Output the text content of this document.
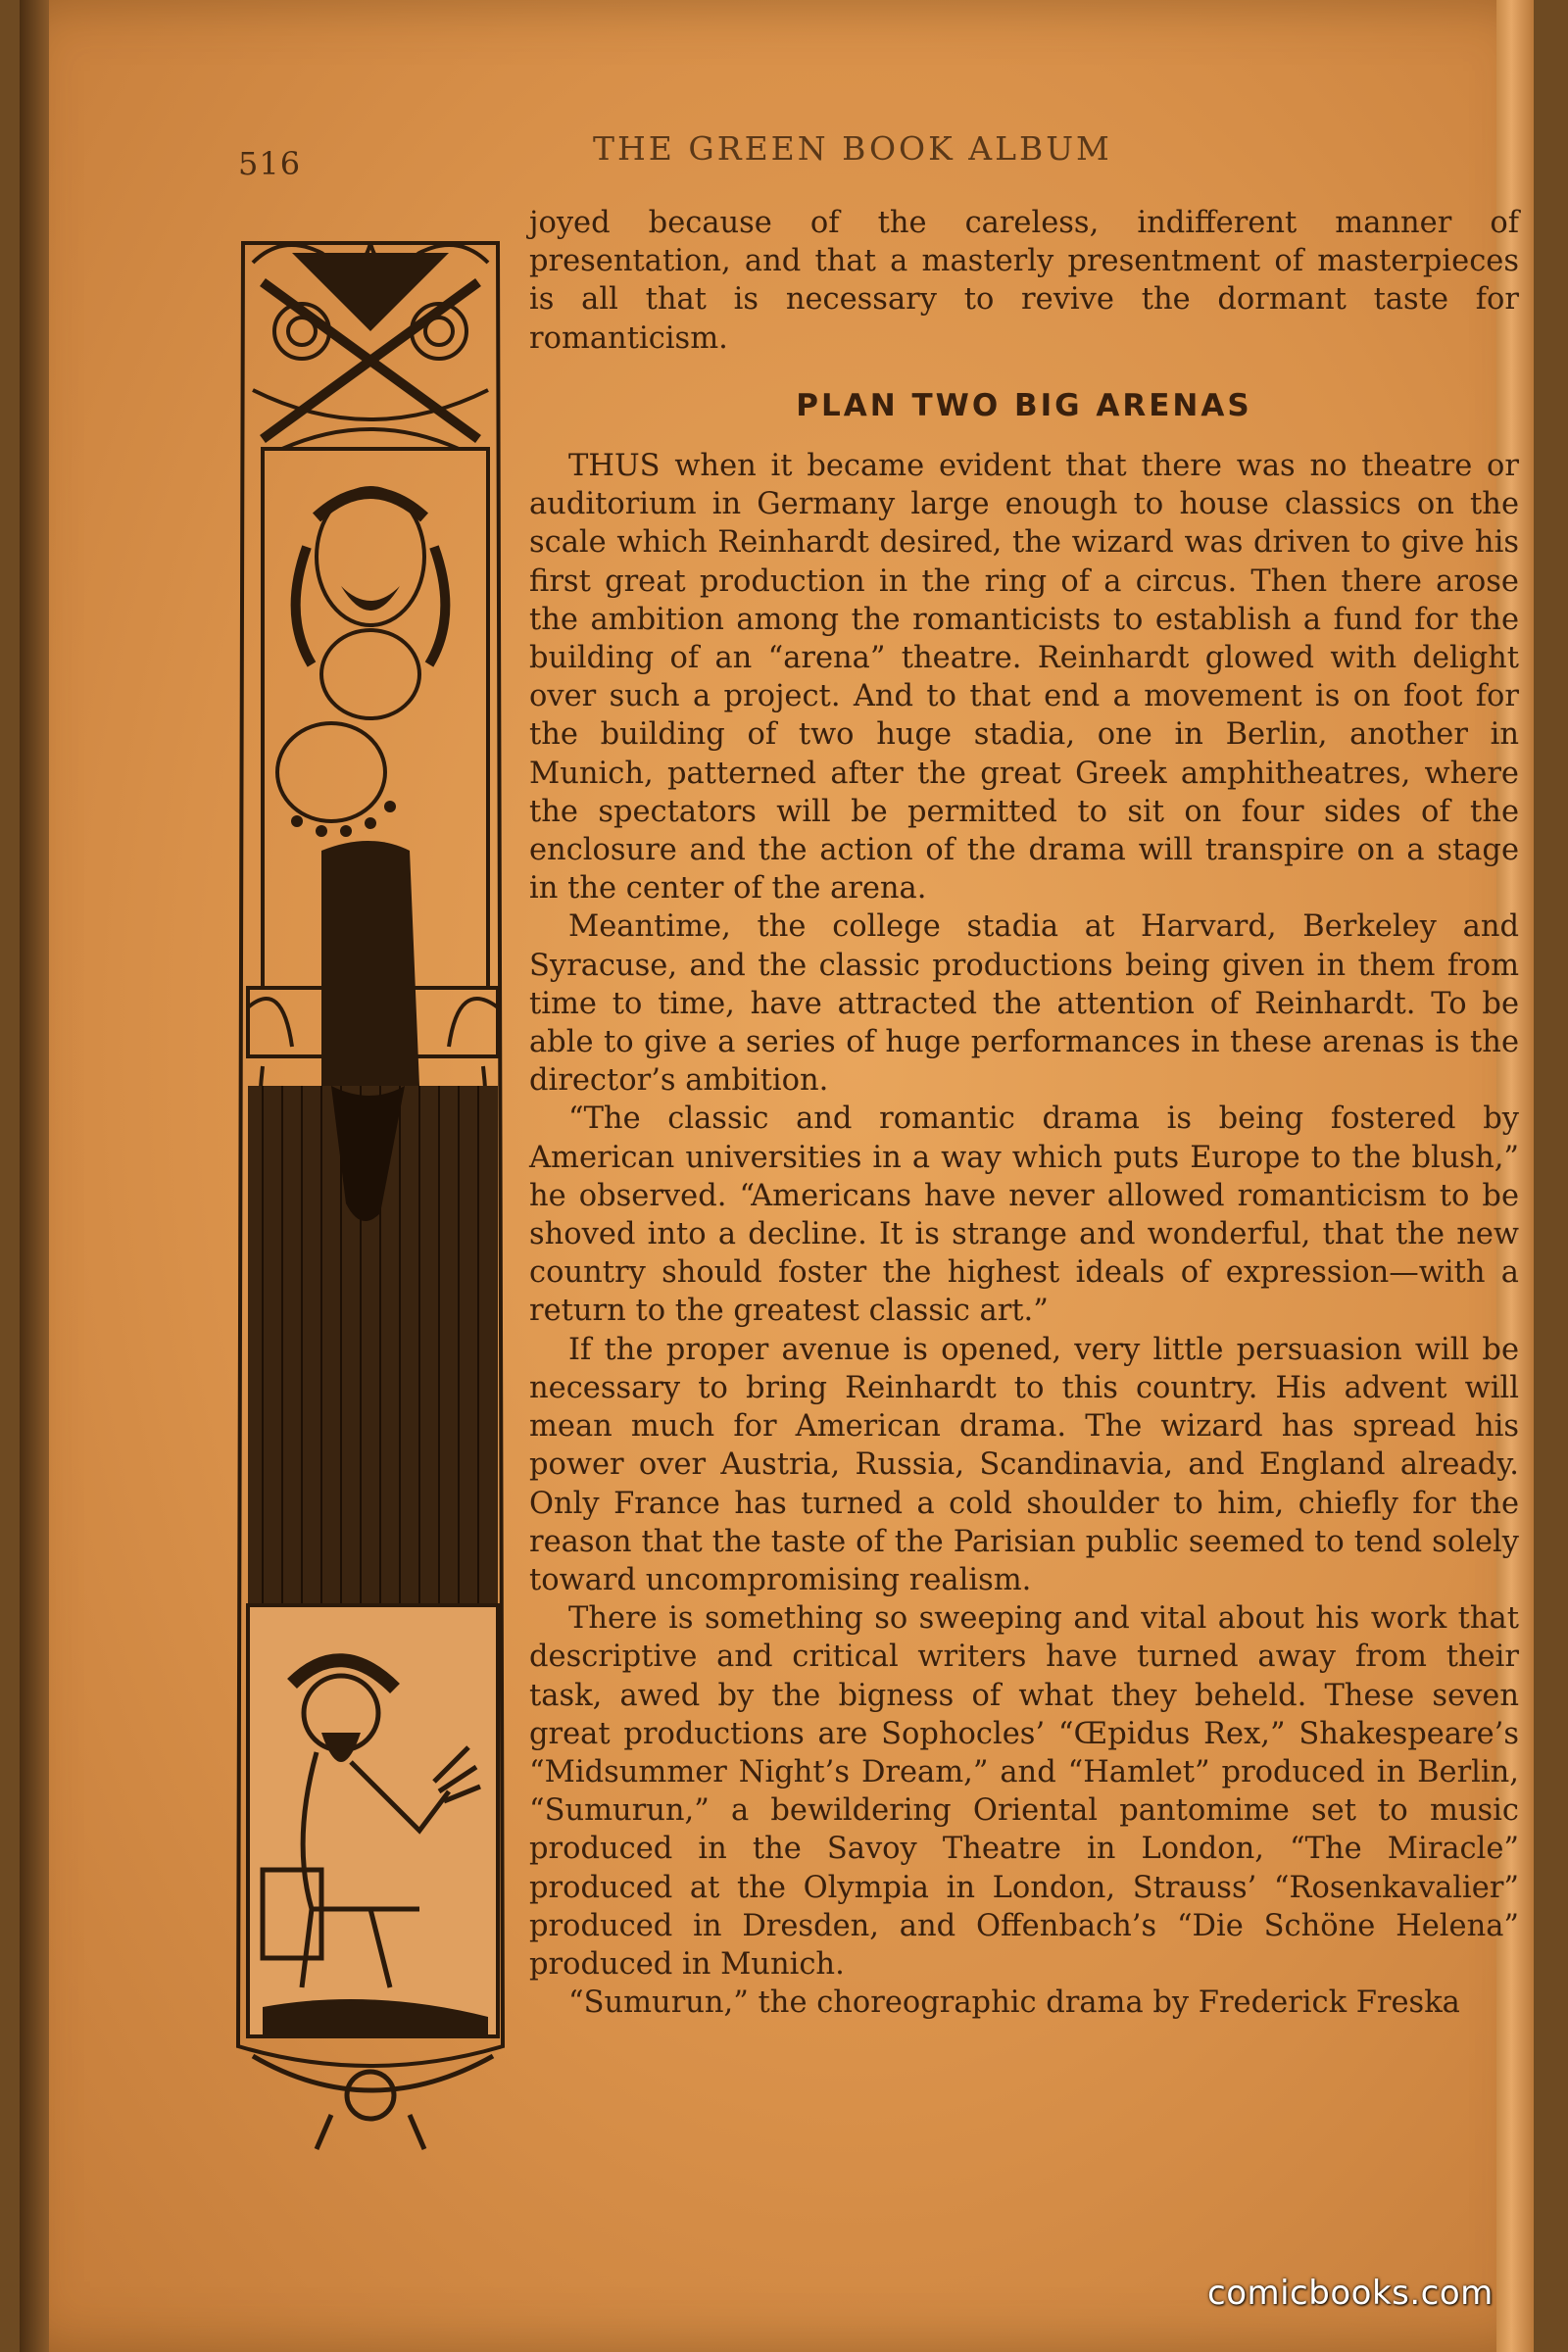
516	THE GREEN BOOK ALBUM

joyed because of the careless, indifferent manner of presentation, and that a masterly presentment of masterpieces is all that is necessary to revive the dormant taste for romanticism.

PLAN TWO BIG ARENAS

THUS when it became evident that there was no theatre or auditorium in Germany large enough to house classics on the scale which Reinhardt desired, the wizard was driven to give his first great production in the ring of a circus. Then there arose the ambition among the romanticists to establish a fund for the building of an “arena” theatre. Reinhardt glowed with delight over such a project. And to that end a movement is on foot for the building of two huge stadia, one in Berlin, another in Munich, patterned after the great Greek amphitheatres, where the spectators will be permitted to sit on four sides of the enclosure and the action of the drama will transpire on a stage in the center of the arena.

Meantime, the college stadia at Harvard, Berkeley and Syracuse, and the classic productions being given in them from time to time, have attracted the attention of Reinhardt. To be able to give a series of huge performances in these arenas is the director’s ambition.

“The classic and romantic drama is being fostered by American universities in a way which puts Europe to the blush,” he observed. “Americans have never allowed romanticism to be shoved into a decline. It is strange and wonderful, that the new country should foster the highest ideals of expression—with a return to the greatest classic art.”

If the proper avenue is opened, very little persuasion will be necessary to bring Reinhardt to this country. His advent will mean much for American drama. The wizard has spread his power over Austria, Russia, Scandinavia, and England already. Only France has turned a cold shoulder to him, chiefly for the reason that the taste of the Parisian public seemed to tend solely toward uncompromising realism.

There is something so sweeping and vital about his work that descriptive and critical writers have turned away from their task, awed by the bigness of what they beheld. These seven great productions are Sophocles’ “Œpidus Rex,” Shakespeare’s “Midsummer Night’s Dream,” and “Hamlet” produced in Berlin, “Sumurun,” a bewildering Oriental pantomime set to music produced in the Savoy Theatre in London, “The Miracle” produced at the Olympia in London, Strauss’ “Rosenkavalier” produced in Dresden, and Offenbach’s “Die Schöne Helena” produced in Munich.

“Sumurun,” the choreographic drama by Frederick Freska

comicbooks.com
